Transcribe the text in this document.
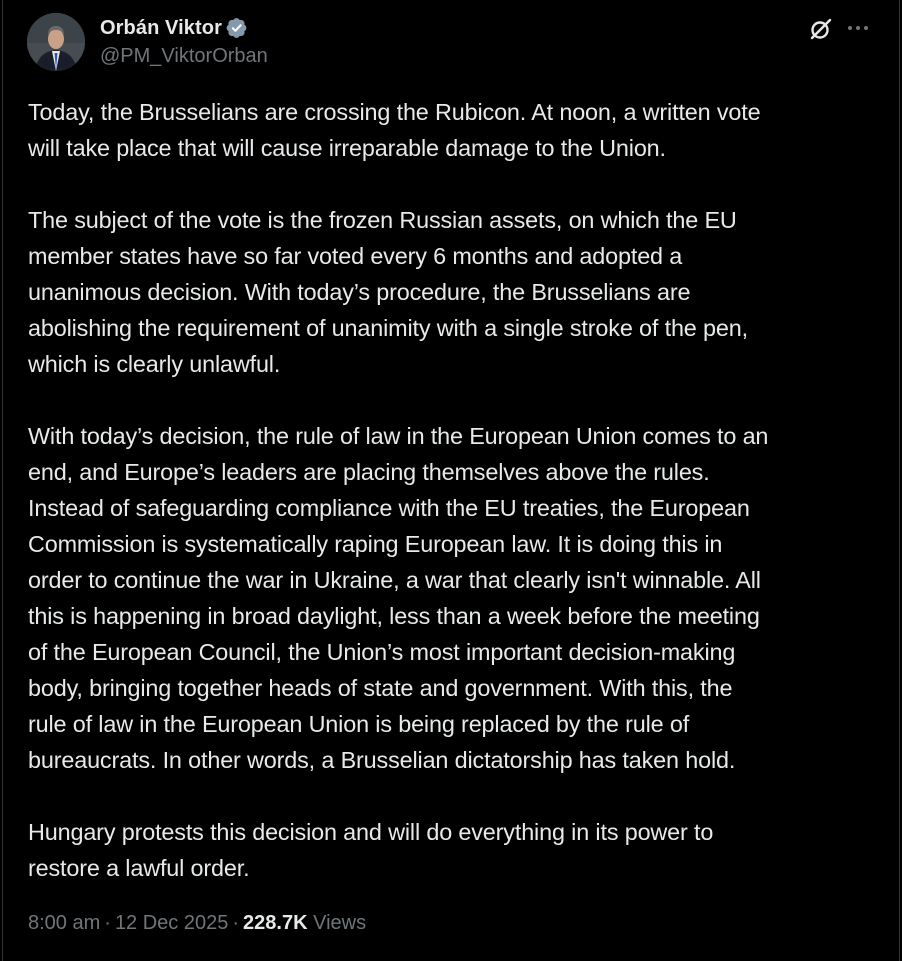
Orbán Viktor
@PM_ViktorOrban
Today, the Brusselians are crossing the Rubicon. At noon, a written vote
will take place that will cause irreparable damage to the Union.
The subject of the vote is the frozen Russian assets, on which the EU
member states have so far voted every 6 months and adopted a
unanimous decision. With today’s procedure, the Brusselians are
abolishing the requirement of unanimity with a single stroke of the pen,
which is clearly unlawful.
With today’s decision, the rule of law in the European Union comes to an
end, and Europe’s leaders are placing themselves above the rules.
Instead of safeguarding compliance with the EU treaties, the European
Commission is systematically raping European law. It is doing this in
order to continue the war in Ukraine, a war that clearly isn't winnable. All
this is happening in broad daylight, less than a week before the meeting
of the European Council, the Union’s most important decision-making
body, bringing together heads of state and government. With this, the
rule of law in the European Union is being replaced by the rule of
bureaucrats. In other words, a Brusselian dictatorship has taken hold.
Hungary protests this decision and will do everything in its power to
restore a lawful order.
8:00 am · 12 Dec 2025 · 228.7K Views
